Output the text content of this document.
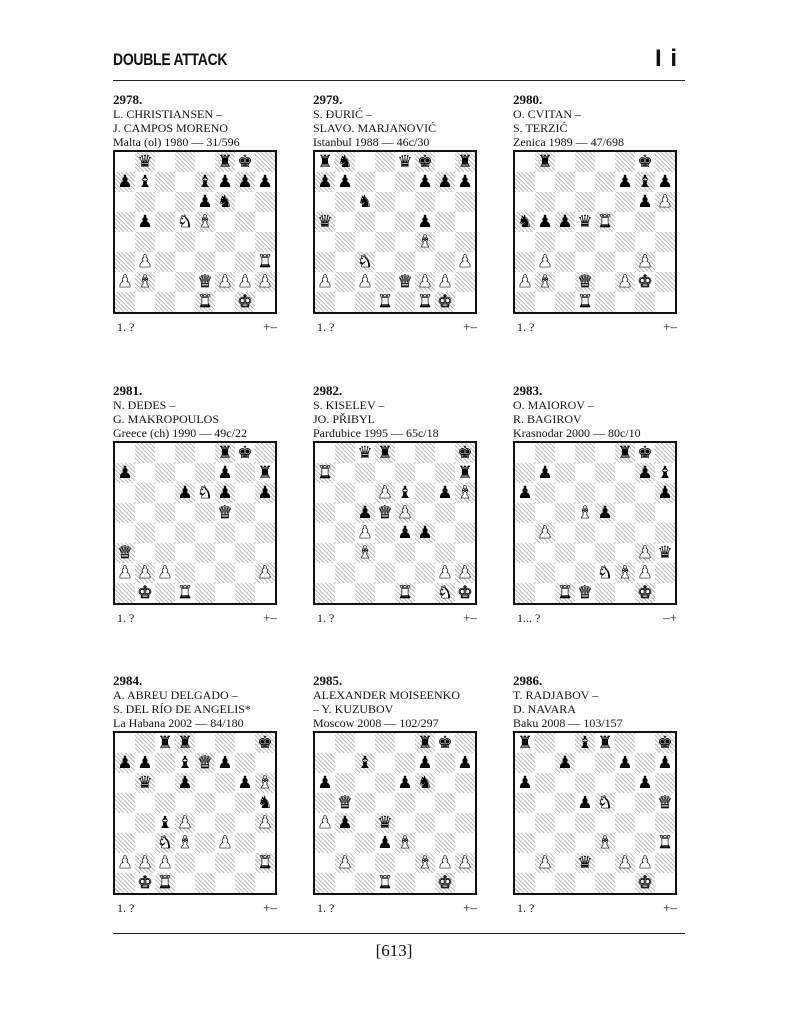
DOUBLE ATTACK	I i
2978.
L. CHRISTIANSEN –
J. CAMPOS MORENO
Malta (ol) 1980 — 31/596
♛	♜ ♚
♟ ♝	♝ ♟ ♟ ♟
♟ ♞
♟ ♞ ♝
♟	♜
♟ ♝	♛ ♟ ♟ ♟
♜ ♚
1. ?	+–
2979.
S. ĐURIĆ –
SLAVO. MARJANOVIĆ
Istanbul 1988 — 46c/30
♜ ♞	♛ ♚ ♜
♟ ♟	♟ ♟ ♟
♞
♛	♟
♝
♞	♟
♟ ♟ ♛ ♟ ♟
♜ ♜ ♚
1. ?	+–
2980.
O. CVITAN –
S. TERZIĆ
Zenica 1989 — 47/698
♜	♚
♟ ♝ ♟
♟ ♟
♞ ♟ ♟ ♛ ♜
♟	♟
♟ ♝ ♛ ♟ ♚
♜
1. ?	+–
2981.
N. DEDES –
G. MAKROPOULOS
Greece (ch) 1990 — 49c/22
♜ ♚
♟	♟ ♜
♟ ♞ ♟ ♟
♛
♛
♟ ♟ ♟	♟
♚ ♜
1. ?	+–
2982.
S. KISELEV –
JO. PŘIBYL
Pardubice 1995 — 65c/18
♛ ♜	♚
♜	♜
♟ ♝ ♟ ♝
♟ ♛ ♟
♟ ♟ ♟
♝
♟ ♟
♜ ♞ ♚
1. ?	+–
2983.
O. MAIOROV –
R. BAGIROV
Krasnodar 2000 — 80c/10
♜ ♚
♟	♟ ♝
♟	♟
♝ ♟
♟
♟ ♛
♞ ♝ ♟
♜ ♛	♚
1... ?	–+
2984.
A. ABREU DELGADO –
S. DEL RÍO DE ANGELIS*
La Habana 2002 — 84/180
♜ ♜	♚
♟ ♟ ♝ ♛ ♟
♛ ♟	♟ ♝
♞
♝ ♟	♟
♞ ♝ ♟
♟ ♟ ♟	♜
♚ ♜
1. ?	+–
2985.
ALEXANDER MOISEENKO
– Y. KUZUBOV
Moscow 2008 — 102/297
♜ ♚
♝	♟ ♟
♟	♟ ♞
♛
♟ ♟ ♛
♟ ♝
♟	♝ ♟ ♟
♜	♚
1. ?	+–
2986.
T. RADJABOV –
D. NAVARA
Baku 2008 — 103/157
♜	♝ ♜	♚
♟	♟ ♟
♟	♟
♟ ♞	♛
♝	♜
♟ ♛ ♟ ♟
♚
1. ?	+–
[613]
